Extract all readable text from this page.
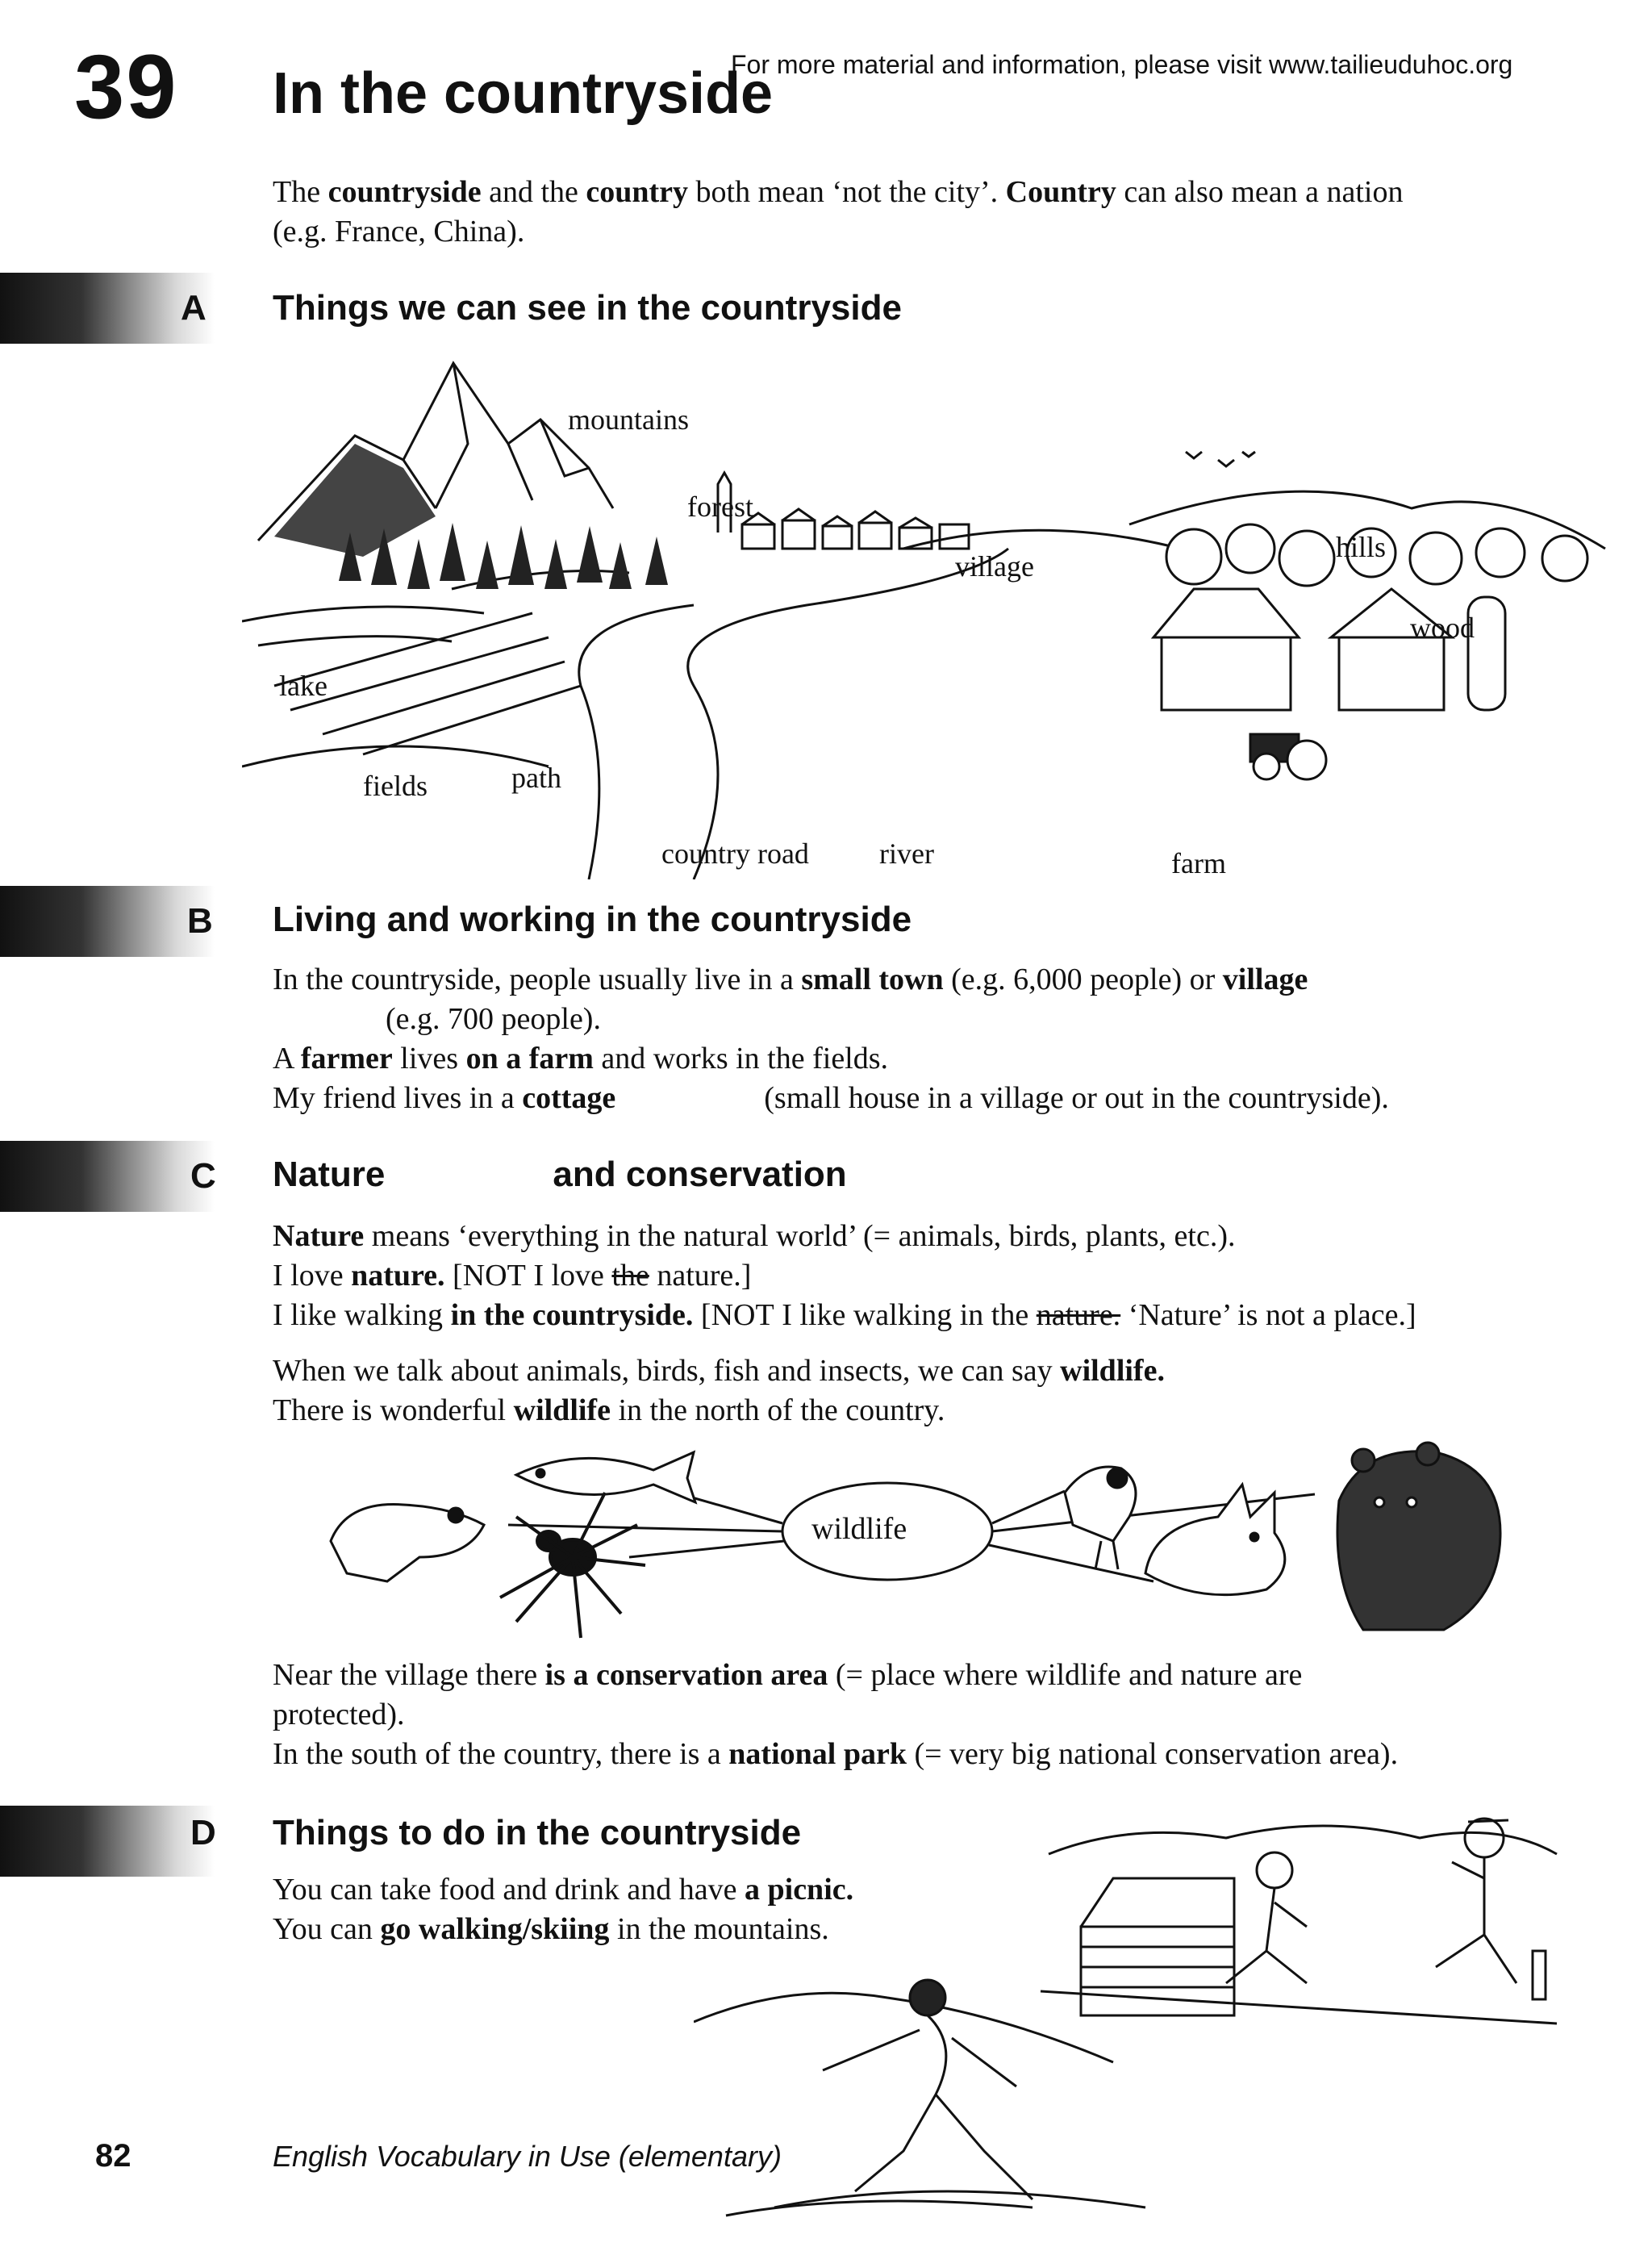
39 In the countryside
For more material and information, please visit www.tailieuduhoc.org
The countryside and the country both mean ‘not the city’. Country can also mean a nation
(e.g. France, China).
A Things we can see in the countryside
mountains
forest
village
hills
wood
lake
fields	path
country road river	farm
B Living and working in the countryside
In the countryside, people usually live in a small town (e.g. 6,000 people) or village
(e.g. 700 people).
A farmer lives on a farm and works in the fields.
My friend lives in a cottage	(small house in a village or out in the countryside).
C Nature	and conservation
Nature means ‘everything in the natural world’ (= animals, birds, plants, etc.).
I love nature. [NOT I love the nature.]
I like walking in the countryside. [NOT I like walking in the nature. ‘Nature’ is not a place.]
When we talk about animals, birds, fish and insects, we can say wildlife.
There is wonderful wildlife in the north of the country.
wildlife
Near the village there is a conservation area (= place where wildlife and nature are
protected).
In the south of the country, there is a national park (= very big national conservation area).
D Things to do in the countryside
You can take food and drink and have a picnic.
You can go walking/skiing in the mountains.
82	English Vocabulary in Use (elementary)
